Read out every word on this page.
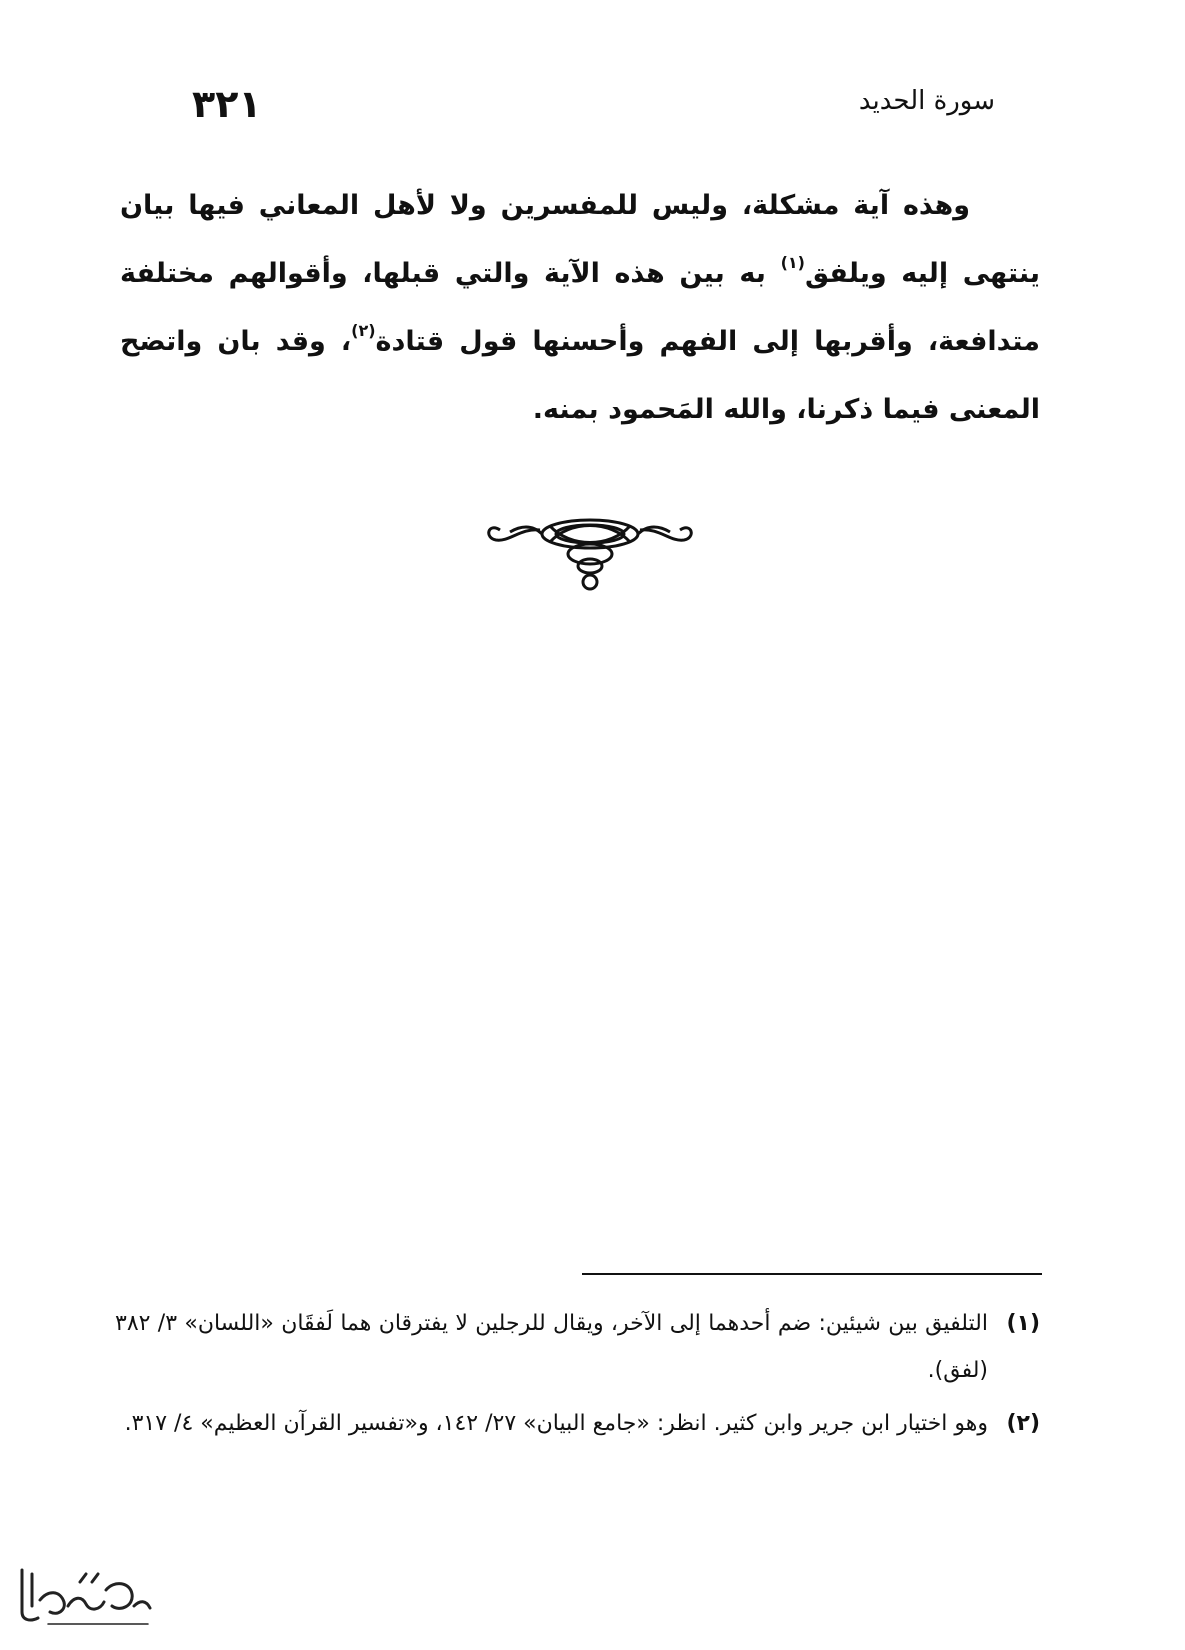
٣٢١	سورة الحديد

وهذه آية مشكلة، وليس للمفسرين ولا لأهل المعاني فيها بيان ينتهى إليه ويلفق$^{(١)}$ به بين هذه الآية والتي قبلها، وأقوالهم مختلفة متدافعة، وأقربها إلى الفهم وأحسنها قول قتادة$^{(٢)}$، وقد بان واتضح المعنى فيما ذكرنا، والله المَحمود بمنه.

(١)
التلفيق بين شيئين: ضم أحدهما إلى الآخر، ويقال للرجلين لا يفترقان هما لَفقَان «اللسان» ٣/ ٣٨٢ (لفق).
(٢)
وهو اختيار ابن جرير وابن كثير. انظر: «جامع البيان» ٢٧/ ١٤٢، و«تفسير القرآن العظيم» ٤/ ٣١٧.
